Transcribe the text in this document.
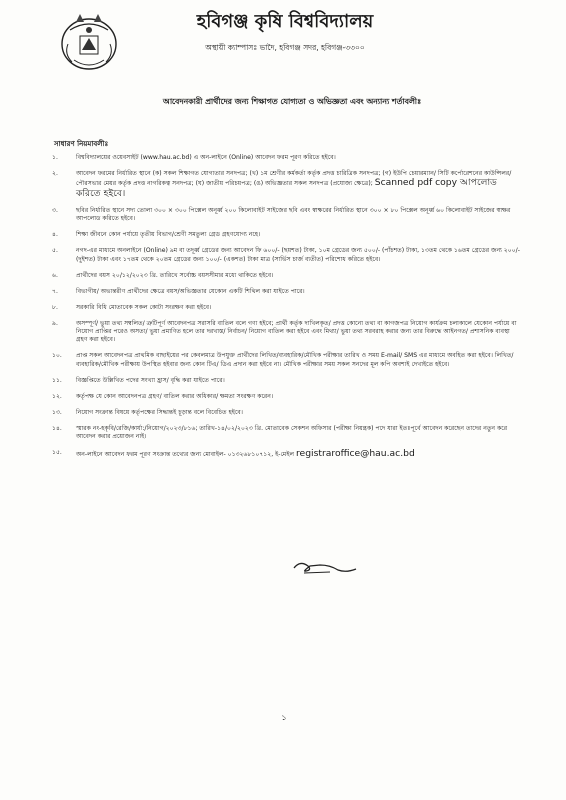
হবিগঞ্জ কৃষি বিশ্ববিদ্যালয়
অস্থায়ী ক্যাম্পাসঃ ভাদৈ, হবিগঞ্জ সদর, হবিগঞ্জ-৩৩০০
আবেদনকারী প্রার্থীদের জন্য শিক্ষাগত যোগ্যতা ও অভিজ্ঞতা এবং অন্যান্য শর্তাবলীঃ
সাধারণ নিয়মাবলীঃ
১.	বিশ্ববিদ্যালয়ের ওয়েবসাইট (www.hau.ac.bd) এ অন-লাইনে (Online) আবেদন ফরম পূরণ করিতে হইবে।
২.	আবেদন ফরমের নির্ধারিত স্থানে (ক) সকল শিক্ষাগত যোগ্যতার সনদপত্র; (খ) ১ম শ্রেণীর কর্মকর্তা কর্তৃক প্রদত্ত চারিত্রিক সনদপত্র; (গ) ইউপি চেয়ারম্যান/ সিটি কর্পোরেশনের কাউন্সিলর/পৌরসভার মেয়র কর্তৃক প্রদত্ত নাগরিকত্ব সনদপত্র; (ঘ) জাতীয় পরিচয়পত্র; (ঙ) অভিজ্ঞতার সকল সনদপত্র (প্রযোজ্য ক্ষেত্রে); Scanned pdf copy আপলোড করিতে হইবে।
৩.	ছবির নির্ধারিত স্থানে সদ্য তোলা ৩০০ × ৩০০ পিক্সেল অনূর্ধ্ব ২০০ কিলোবাইট সাইজের ছবি এবং স্বাক্ষরের নির্ধারিত স্থানে ৩০০ × ৮০ পিক্সেল অনূর্ধ্ব ৬০ কিলোবাইট সাইজের স্বাক্ষর আপলোড করিতে হইবে।
৪.	শিক্ষা জীবনে কোন পর্যায়ে তৃতীয় বিভাগ/শ্রেণী সমতুল্য গ্রেড গ্রহণযোগ্য নহে।
৫.	নগদ-এর মাধ্যমে অনলাইনে (Online) ৯ম বা তদূর্ধ্ব গ্রেডের জন্য আবেদন ফি ৬০০/- (ছয়শত) টাকা, ১০ম গ্রেডের জন্য ৫০০/- (পাঁচশত) টাকা, ১৩তম থেকে ১৬তম গ্রেডের জন্য ২০০/- (দুইশত) টাকা এবং ১৭তম থেকে ২০তম গ্রেডের জন্য ১০০/- (একশত) টাকা মাত্র (সার্ভিস চার্জ ব্যতীত) পরিশোধ করিতে হইবে।
৬.	প্রার্থীদের বয়স ২০/১২/২০২৩ খ্রি. তারিখে সর্বোচ্চ বয়সসীমার মধ্যে থাকিতে হইবে।
৭.	বিভাগীয়/ অভ্যন্তরীণ প্রার্থীদের ক্ষেত্রে বয়স/অভিজ্ঞতার যেকোন একটি শিথিল করা যাইতে পারে।
৮.	সরকারি বিধি মোতাবেক সকল কোটা সংরক্ষণ করা হইবে।
৯.	অসম্পূর্ণ/ ভুয়া তথ্য সম্বলিত/ ত্রুটিপূর্ণ আবেদনপত্র সরাসরি বাতিল বলে গণ্য হইবে; প্রার্থী কর্তৃক দাখিলকৃত/ প্রদত্ত কোনো তথ্য বা কাগজপত্র নিয়োগ কার্যক্রম চলাকালে যেকোন পর্যায়ে বা নিয়োগ প্রাপ্তির পরেও অসত্য/ ভুয়া প্রমাণিত হলে তার দরখাস্ত/ নির্বাচন/ নিয়োগ বাতিল করা হইবে এবং মিথ্যা/ ভুয়া তথ্য সরবরাহ করার জন্য তার বিরুদ্ধে আইনগত/ প্রশাসনিক ব্যবস্থা গ্রহণ করা হইবে।
১০.	প্রাপ্ত সকল আবেদনপত্র প্রাথমিক বাছাইয়ের পর কেবলমাত্র উপযুক্ত প্রার্থীদের লিখিত/ব্যবহারিক/মৌখিক পরীক্ষার তারিখ ও সময় E-mail/ SMS এর মাধ্যমে অবহিত করা হইবে। লিখিত/ব্যবহারিক/মৌখিক পরীক্ষায় উপস্থিত হইবার জন্য কোন টিএ/ ডিএ প্রদান করা হইবে না। মৌখিক পরীক্ষার সময় সকল সনদের মূল কপি অবশ্যই দেখাইতে হইবে।
১১.	বিজ্ঞপ্তিতে উল্লিখিত পদের সংখ্যা হ্রাস/ বৃদ্ধি করা যাইতে পারে।
১২.	কর্তৃপক্ষ যে কোন আবেদনপত্র গ্রহণ/ বাতিল করার অধিকার/ ক্ষমতা সংরক্ষণ করেন।
১৩.	নিয়োগ সংক্রান্ত বিষয়ে কর্তৃপক্ষের সিদ্ধান্তই চূড়ান্ত বলে বিবেচিত হইবে।
১৪.	স্মারক নং-হকৃবি/রেজি/কার্যা:/নিয়োগ/২০২৩/৮১৬; তারিখ-১৪/০২/২০২৩ খ্রি. মোতাবেক সেকশন অফিসার (পরীক্ষা নিয়ন্ত্রক) পদে যারা ইতঃপূর্বে আবেদন করেছেন তাদের নতুন করে আবেদন করার প্রয়োজন নাই।
১৫.	অন-লাইনে আবেদন ফরম পূরণ সংক্রান্ত তথ্যের জন্য মোবাইল- ০১৩২৬৮১০৭১২, ই-মেইল registraroffice@hau.ac.bd
১
